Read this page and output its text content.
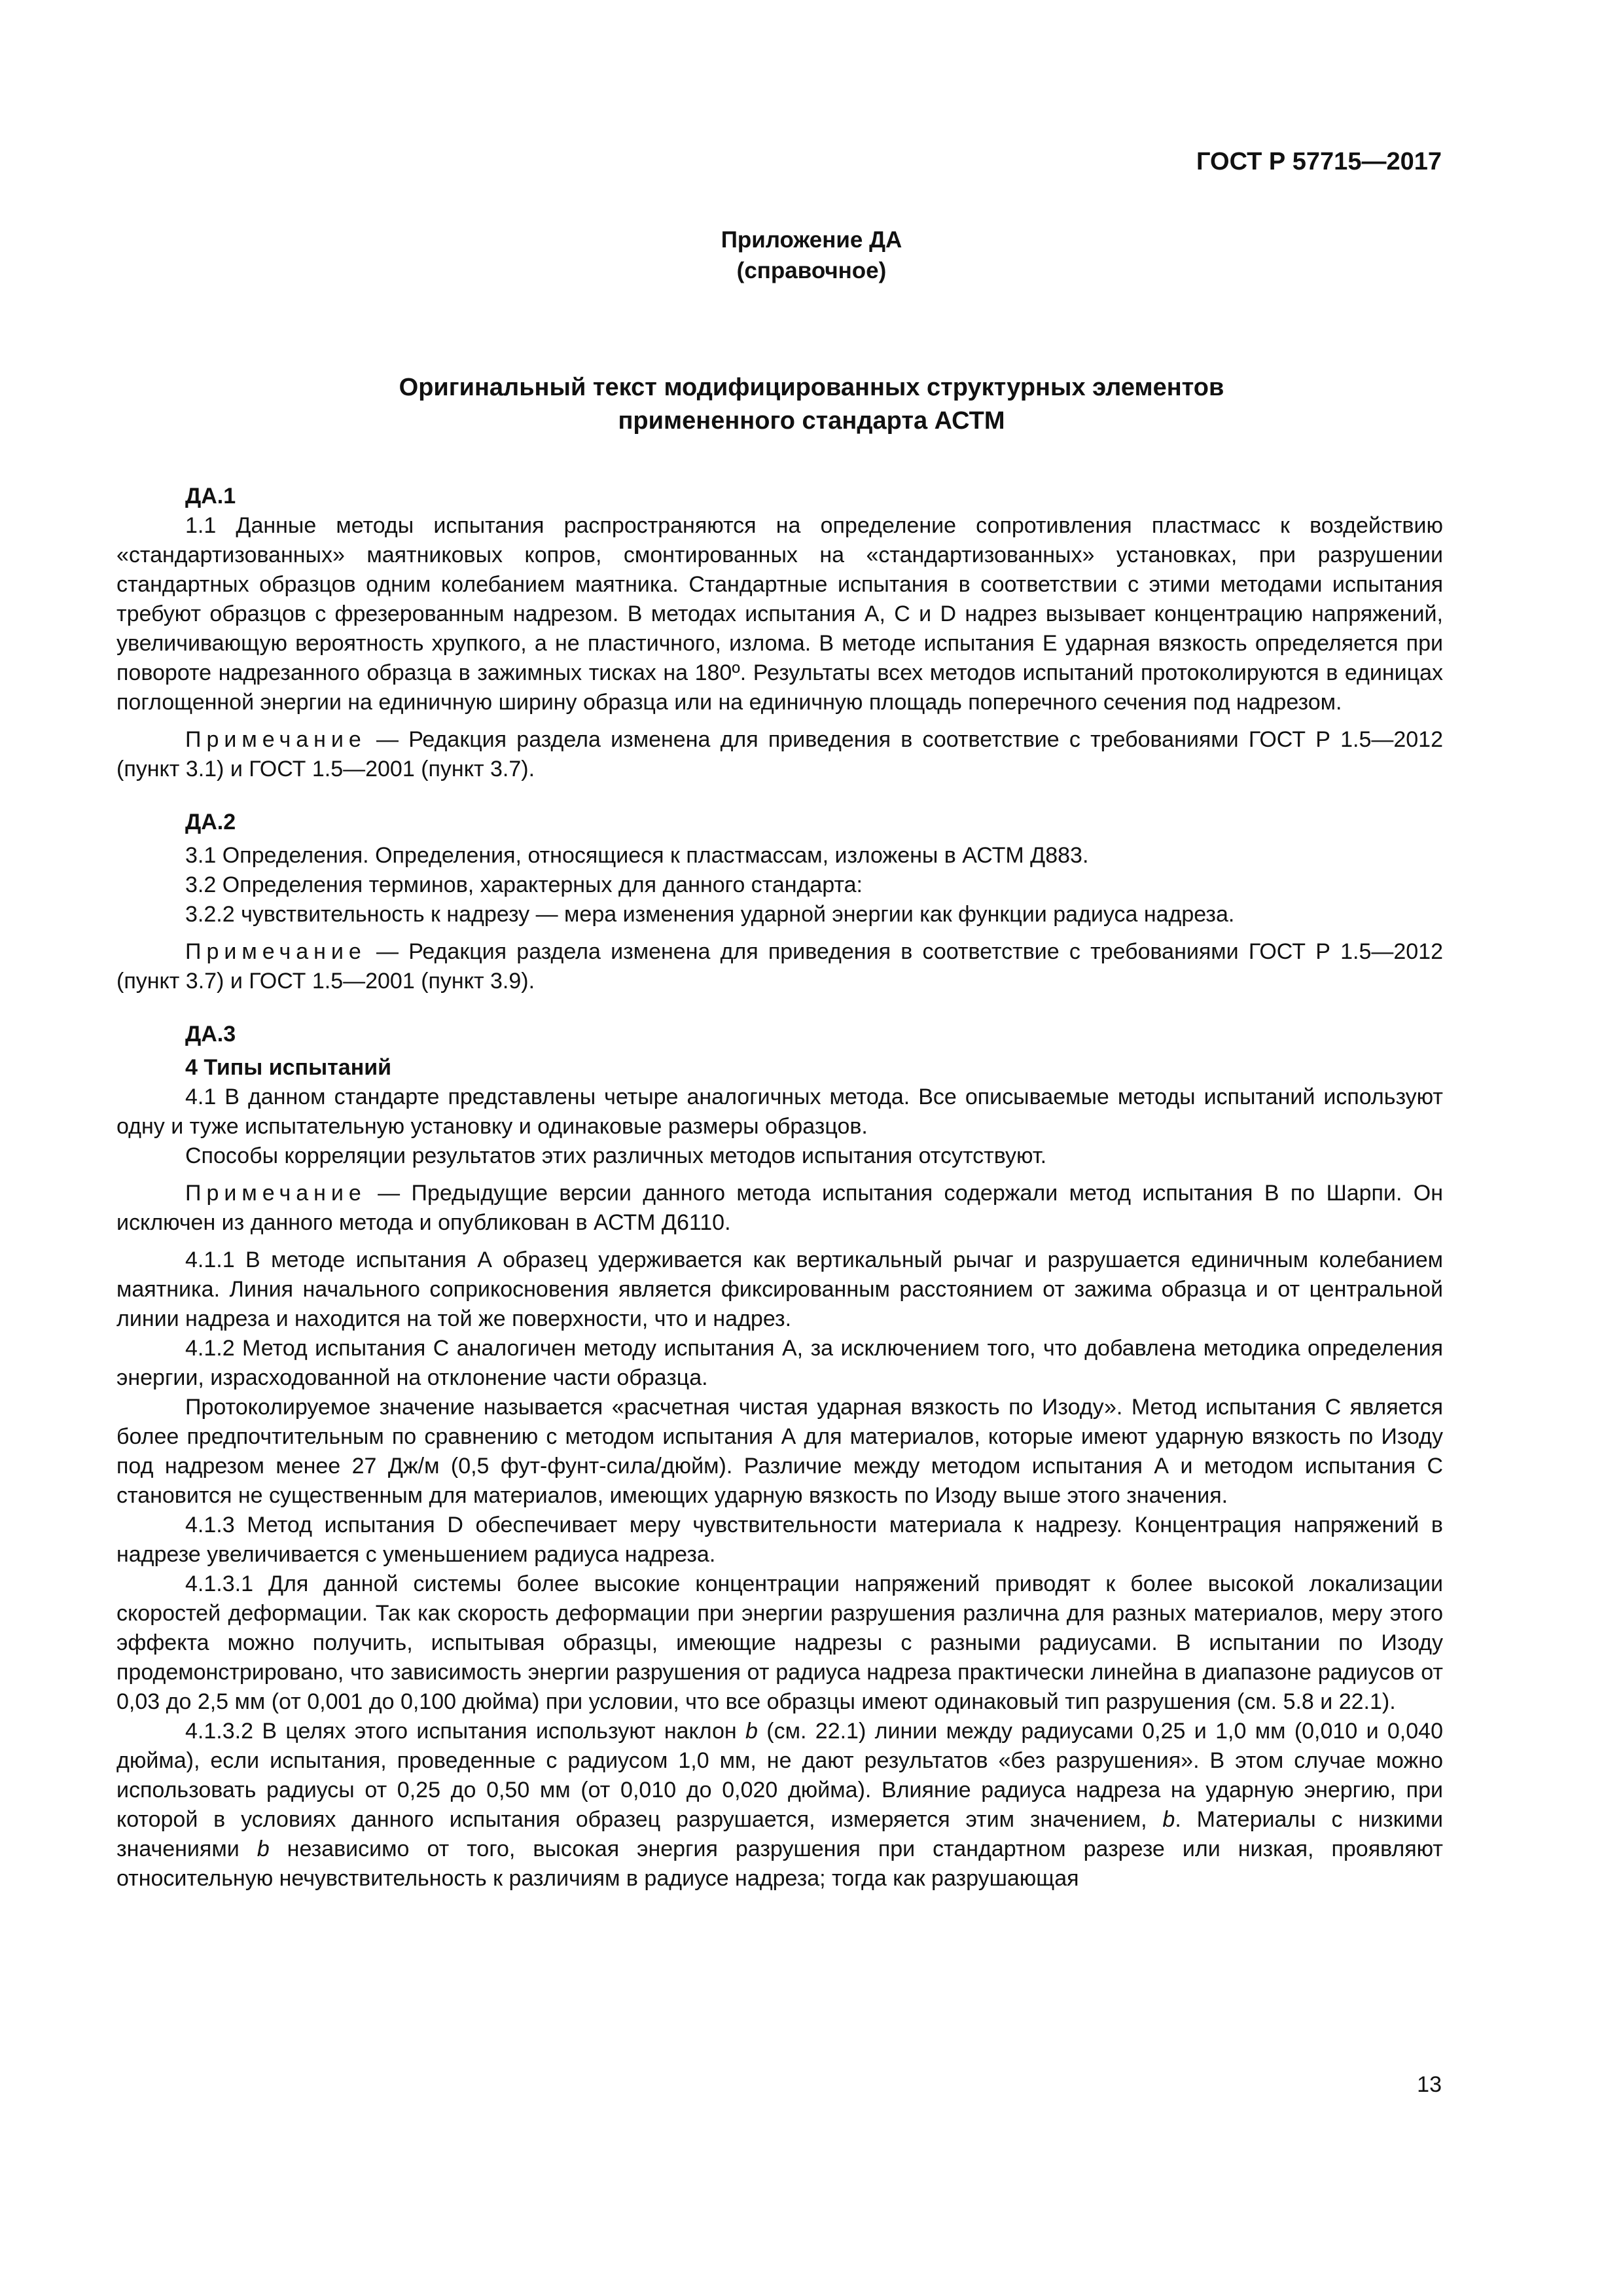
ГОСТ Р 57715—2017
Приложение ДА
(справочное)
Оригинальный текст модифицированных структурных элементов
примененного стандарта АСТМ
ДА.1

1.1 Данные методы испытания распространяются на определение сопротивления пластмасс к воздействию «стандартизованных» маятниковых копров, смонтированных на «стандартизованных» установках, при разрушении стандартных образцов одним колебанием маятника. Стандартные испытания в соответствии с этими методами испытания требуют образцов с фрезерованным надрезом. В методах испытания А, С и D надрез вызывает концентрацию напряжений, увеличивающую вероятность хрупкого, а не пластичного, излома. В методе испытания Е ударная вязкость определяется при повороте надрезанного образца в зажимных тисках на 180º. Результаты всех методов испытаний протоколируются в единицах поглощенной энергии на единичную ширину образца или на единичную площадь поперечного сечения под надрезом.

Примечание — Редакция раздела изменена для приведения в соответствие с требованиями ГОСТ Р 1.5—2012 (пункт 3.1) и ГОСТ 1.5—2001 (пункт 3.7).

ДА.2

3.1 Определения. Определения, относящиеся к пластмассам, изложены в АСТМ Д883.

3.2 Определения терминов, характерных для данного стандарта:

3.2.2 чувствительность к надрезу — мера изменения ударной энергии как функции радиуса надреза.

Примечание — Редакция раздела изменена для приведения в соответствие с требованиями ГОСТ Р 1.5—2012 (пункт 3.7) и ГОСТ 1.5—2001 (пункт 3.9).

ДА.3
4 Типы испытаний

4.1 В данном стандарте представлены четыре аналогичных метода. Все описываемые методы испытаний используют одну и туже испытательную установку и одинаковые размеры образцов.

Способы корреляции результатов этих различных методов испытания отсутствуют.

Примечание — Предыдущие версии данного метода испытания содержали метод испытания В по Шарпи. Он исключен из данного метода и опубликован в АСТМ Д6110.

4.1.1 В методе испытания А образец удерживается как вертикальный рычаг и разрушается единичным колебанием маятника. Линия начального соприкосновения является фиксированным расстоянием от зажима образца и от центральной линии надреза и находится на той же поверхности, что и надрез.

4.1.2 Метод испытания С аналогичен методу испытания А, за исключением того, что добавлена методика определения энергии, израсходованной на отклонение части образца.

Протоколируемое значение называется «расчетная чистая ударная вязкость по Изоду». Метод испытания С является более предпочтительным по сравнению с методом испытания А для материалов, которые имеют ударную вязкость по Изоду под надрезом менее 27 Дж/м (0,5 фут-фунт-сила/дюйм). Различие между методом испытания А и методом испытания С становится не существенным для материалов, имеющих ударную вязкость по Изоду выше этого значения.

4.1.3 Метод испытания D обеспечивает меру чувствительности материала к надрезу. Концентрация напряжений в надрезе увеличивается с уменьшением радиуса надреза.

4.1.3.1 Для данной системы более высокие концентрации напряжений приводят к более высокой локализации скоростей деформации. Так как скорость деформации при энергии разрушения различна для разных материалов, меру этого эффекта можно получить, испытывая образцы, имеющие надрезы с разными радиусами. В испытании по Изоду продемонстрировано, что зависимость энергии разрушения от радиуса надреза практически линейна в диапазоне радиусов от 0,03 до 2,5 мм (от 0,001 до 0,100 дюйма) при условии, что все образцы имеют одинаковый тип разрушения (см. 5.8 и 22.1).

4.1.3.2 В целях этого испытания используют наклон b (см. 22.1) линии между радиусами 0,25 и 1,0 мм (0,010 и 0,040 дюйма), если испытания, проведенные с радиусом 1,0 мм, не дают результатов «без разрушения». В этом случае можно использовать радиусы от 0,25 до 0,50 мм (от 0,010 до 0,020 дюйма). Влияние радиуса надреза на ударную энергию, при которой в условиях данного испытания образец разрушается, измеряется этим значением, b. Материалы с низкими значениями b независимо от того, высокая энергия разрушения при стандартном разрезе или низкая, проявляют относительную нечувствительность к различиям в радиусе надреза; тогда как разрушающая

13
